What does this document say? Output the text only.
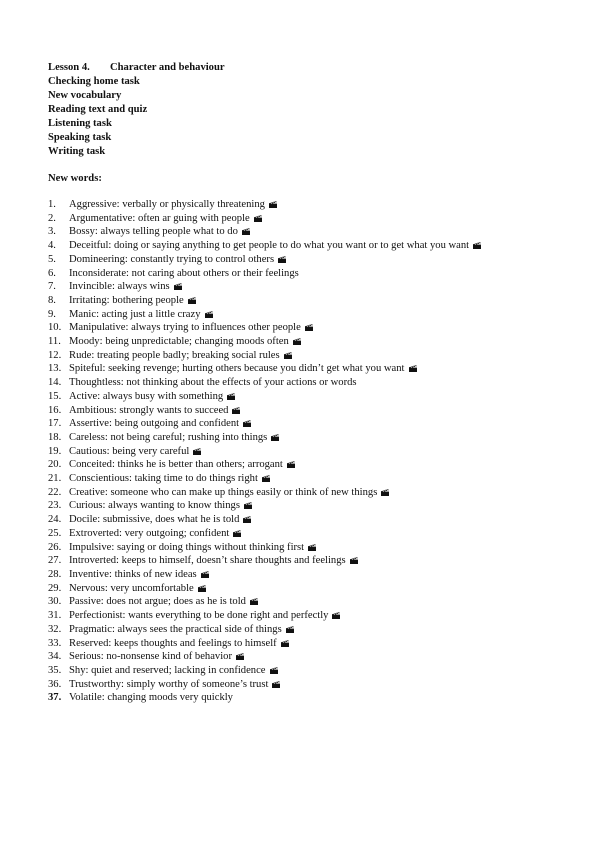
Lesson 4. Character and behaviour
Checking home task
New vocabulary
Reading text and quiz
Listening task
Speaking task
Writing task
New words:
1.	Aggressive: verbally or physically threatening
2.	Argumentative: often ar guing with people
3.	Bossy: always telling people what to do
4.	Deceitful: doing or saying anything to get people to do what you want or to get what you want
5.	Domineering: constantly trying to control others
6.	Inconsiderate: not caring about others or their feelings
7.	Invincible: always wins
8.	Irritating: bothering people
9.	Manic: acting just a little crazy
10. Manipulative: always trying to influences other people
11. Moody: being unpredictable; changing moods often
12. Rude: treating people badly; breaking social rules
13. Spiteful: seeking revenge; hurting others because you didn’t get what you want
14. Thoughtless: not thinking about the effects of your actions or words
15. Active: always busy with something
16. Ambitious: strongly wants to succeed
17. Assertive: being outgoing and confident
18. Careless: not being careful; rushing into things
19. Cautious: being very careful
20. Conceited: thinks he is better than others; arrogant
21. Conscientious: taking time to do things right
22. Creative: someone who can make up things easily or think of new things
23. Curious: always wanting to know things
24. Docile: submissive, does what he is told
25. Extroverted: very outgoing; confident
26. Impulsive: saying or doing things without thinking first
27. Introverted: keeps to himself, doesn’t share thoughts and feelings
28. Inventive: thinks of new ideas
29. Nervous: very uncomfortable
30. Passive: does not argue; does as he is told
31. Perfectionist: wants everything to be done right and perfectly
32. Pragmatic: always sees the practical side of things
33. Reserved: keeps thoughts and feelings to himself
34. Serious: no-nonsense kind of behavior
35. Shy: quiet and reserved; lacking in confidence
36. Trustworthy: simply worthy of someone’s trust
37. Volatile: changing moods very quickly
